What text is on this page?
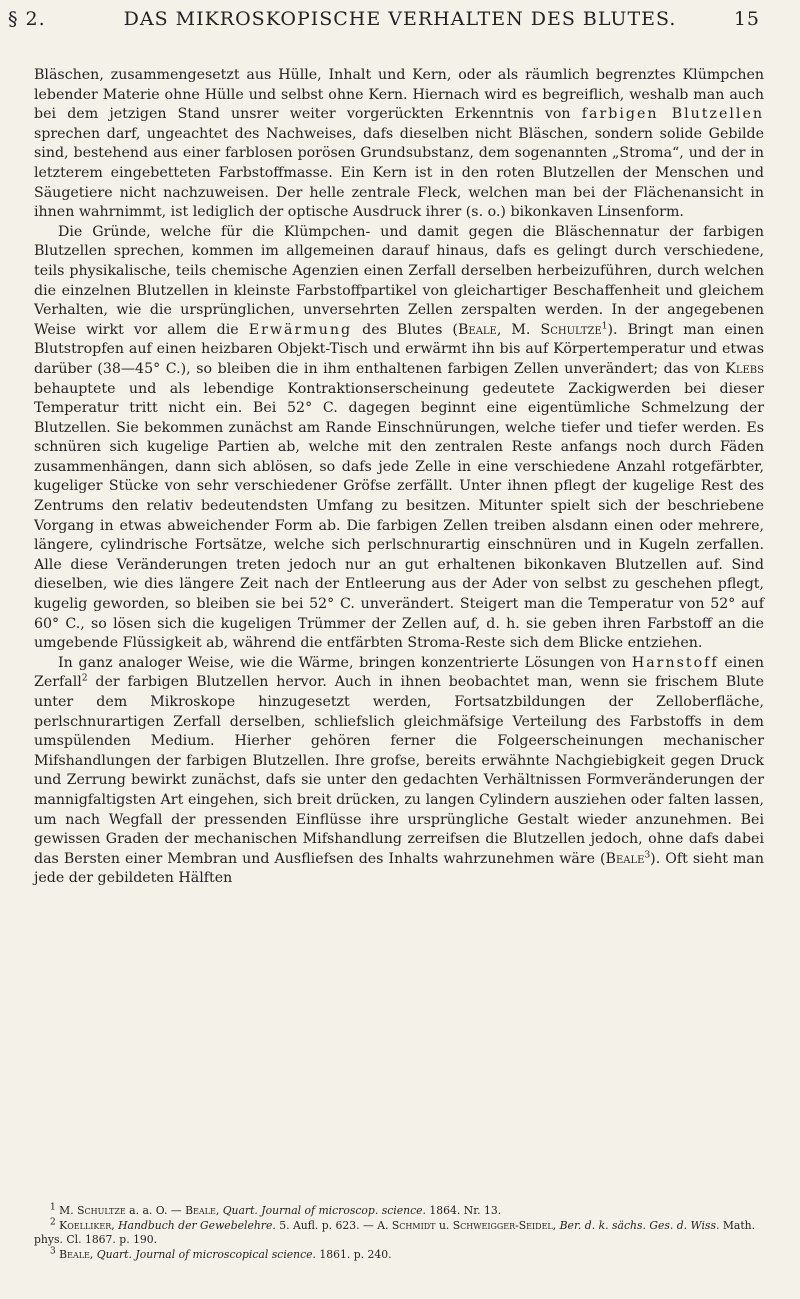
§ 2.	DAS MIKROSKOPISCHE VERHALTEN DES BLUTES.	15

Bläschen, zusammengesetzt aus Hülle, Inhalt und Kern, oder als räumlich begrenztes Klümpchen lebender Materie ohne Hülle und selbst ohne Kern. Hiernach wird es begreiflich, weshalb man auch bei dem jetzigen Stand unsrer weiter vorgerückten Erkenntnis von farbigen Blutzellen sprechen darf, ungeachtet des Nachweises, dafs dieselben nicht Bläschen, sondern solide Gebilde sind, bestehend aus einer farblosen porösen Grundsubstanz, dem sogenannten „Stroma“, und der in letzterem eingebetteten Farbstoffmasse. Ein Kern ist in den roten Blutzellen der Menschen und Säugetiere nicht nachzuweisen. Der helle zentrale Fleck, welchen man bei der Flächenansicht in ihnen wahrnimmt, ist lediglich der optische Ausdruck ihrer (s. o.) bikonkaven Linsenform.

Die Gründe, welche für die Klümpchen- und damit gegen die Bläschennatur der farbigen Blutzellen sprechen, kommen im allgemeinen darauf hinaus, dafs es gelingt durch verschiedene, teils physikalische, teils chemische Agenzien einen Zerfall derselben herbeizuführen, durch welchen die einzelnen Blutzellen in kleinste Farbstoffpartikel von gleichartiger Beschaffenheit und gleichem Verhalten, wie die ursprünglichen, unversehrten Zellen zerspalten werden. In der angegebenen Weise wirkt vor allem die Erwärmung des Blutes (Beale, M. Schultze$^1$). Bringt man einen Blutstropfen auf einen heizbaren Objekt-Tisch und erwärmt ihn bis auf Körpertemperatur und etwas darüber (38—45° C.), so bleiben die in ihm enthaltenen farbigen Zellen unverändert; das von Klebs behauptete und als lebendige Kontraktionserscheinung gedeutete Zackigwerden bei dieser Temperatur tritt nicht ein. Bei 52° C. dagegen beginnt eine eigentümliche Schmelzung der Blutzellen. Sie bekommen zunächst am Rande Einschnürungen, welche tiefer und tiefer werden. Es schnüren sich kugelige Partien ab, welche mit den zentralen Reste anfangs noch durch Fäden zusammenhängen, dann sich ablösen, so dafs jede Zelle in eine verschiedene Anzahl rotgefärbter, kugeliger Stücke von sehr verschiedener Gröfse zerfällt. Unter ihnen pflegt der kugelige Rest des Zentrums den relativ bedeutendsten Umfang zu besitzen. Mitunter spielt sich der beschriebene Vorgang in etwas abweichender Form ab. Die farbigen Zellen treiben alsdann einen oder mehrere, längere, cylindrische Fortsätze, welche sich perlschnurartig einschnüren und in Kugeln zerfallen. Alle diese Veränderungen treten jedoch nur an gut erhaltenen bikonkaven Blutzellen auf. Sind dieselben, wie dies längere Zeit nach der Entleerung aus der Ader von selbst zu geschehen pflegt, kugelig geworden, so bleiben sie bei 52° C. unverändert. Steigert man die Temperatur von 52° auf 60° C., so lösen sich die kugeligen Trümmer der Zellen auf, d. h. sie geben ihren Farbstoff an die umgebende Flüssigkeit ab, während die entfärbten Stroma-Reste sich dem Blicke entziehen.

In ganz analoger Weise, wie die Wärme, bringen konzentrierte Lösungen von Harnstoff einen Zerfall$^2$ der farbigen Blutzellen hervor. Auch in ihnen beobachtet man, wenn sie frischem Blute unter dem Mikroskope hinzugesetzt werden, Fortsatzbildungen der Zelloberfläche, perlschnurartigen Zerfall derselben, schliefslich gleichmäfsige Verteilung des Farbstoffs in dem umspülenden Medium. Hierher gehören ferner die Folgeerscheinungen mechanischer Mifshandlungen der farbigen Blutzellen. Ihre grofse, bereits erwähnte Nachgiebigkeit gegen Druck und Zerrung bewirkt zunächst, dafs sie unter den gedachten Verhältnissen Formveränderungen der mannigfaltigsten Art eingehen, sich breit drücken, zu langen Cylindern ausziehen oder falten lassen, um nach Wegfall der pressenden Einflüsse ihre ursprüngliche Gestalt wieder anzunehmen. Bei gewissen Graden der mechanischen Mifshandlung zerreifsen die Blutzellen jedoch, ohne dafs dabei das Bersten einer Membran und Ausfliefsen des Inhalts wahrzunehmen wäre (Beale$^3$). Oft sieht man jede der gebildeten Hälften

$^1$ M. Schultze a. a. O. — Beale, Quart. Journal of microscop. science. 1864. Nr. 13.

$^2$ Koelliker, Handbuch der Gewebelehre. 5. Aufl. p. 623. — A. Schmidt u. Schweigger-Seidel, Ber. d. k. sächs. Ges. d. Wiss. Math. phys. Cl. 1867. p. 190.

$^3$ Beale, Quart. Journal of microscopical science. 1861. p. 240.
